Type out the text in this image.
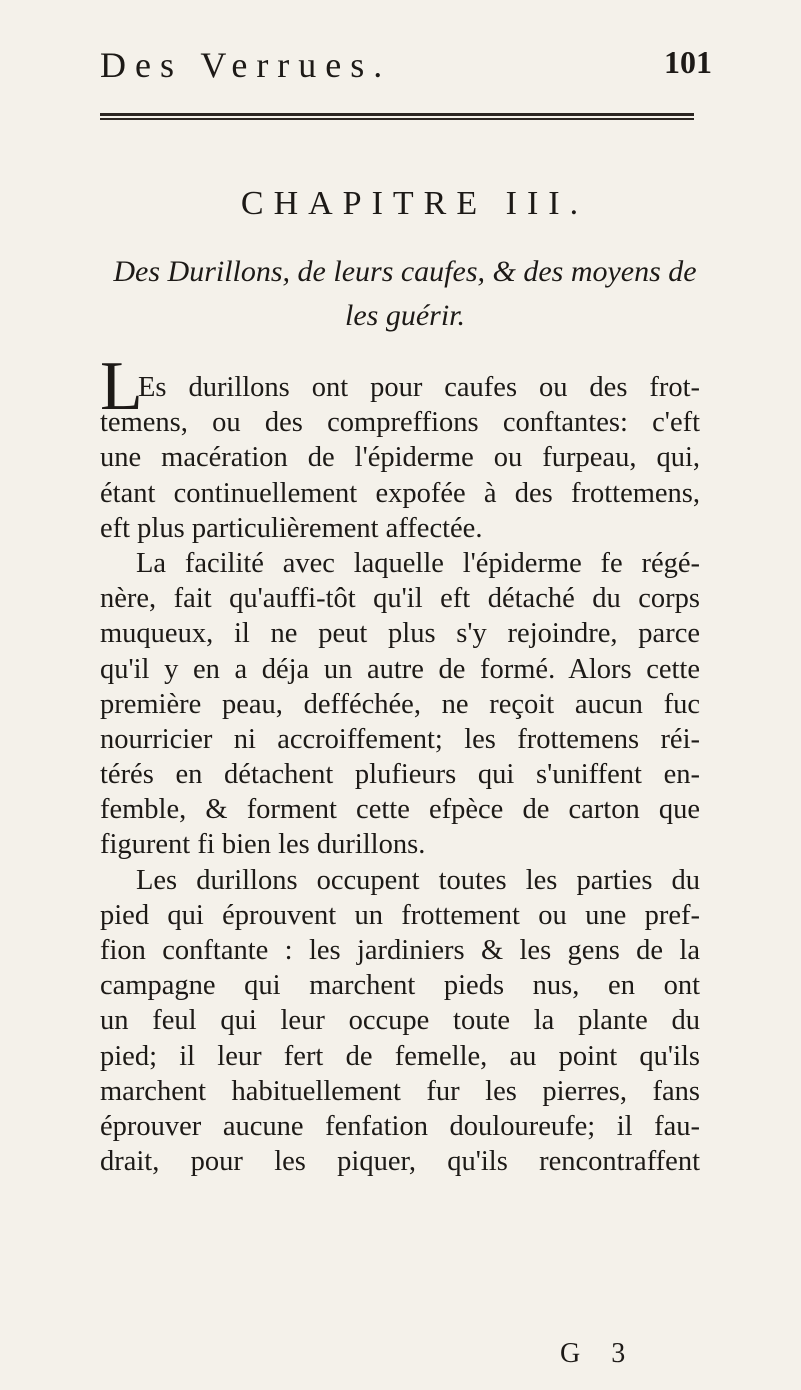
Des Verrues.	101
CHAPITRE III.
Des Durillons, de leurs caufes, & des moyens de
les guérir.
L
Es durillons ont pour caufes ou des frot-
temens, ou des compreffions conftantes: c'eft
une macération de l'épiderme ou furpeau, qui,
étant continuellement expofée à des frottemens,
eft plus particulièrement affectée.
La facilité avec laquelle l'épiderme fe régé-
nère, fait qu'auffi-tôt qu'il eft détaché du corps
muqueux, il ne peut plus s'y rejoindre, parce
qu'il y en a déja un autre de formé. Alors cette
première peau, defféchée, ne reçoit aucun fuc
nourricier ni accroiffement; les frottemens réi-
térés en détachent plufieurs qui s'uniffent en-
femble, & forment cette efpèce de carton que
figurent fi bien les durillons.
Les durillons occupent toutes les parties du
pied qui éprouvent un frottement ou une pref-
fion conftante : les jardiniers & les gens de la
campagne qui marchent pieds nus, en ont
un feul qui leur occupe toute la plante du
pied; il leur fert de femelle, au point qu'ils
marchent habituellement fur les pierres, fans
éprouver aucune fenfation douloureufe; il fau-
drait, pour les piquer, qu'ils rencontraffent
G 3
